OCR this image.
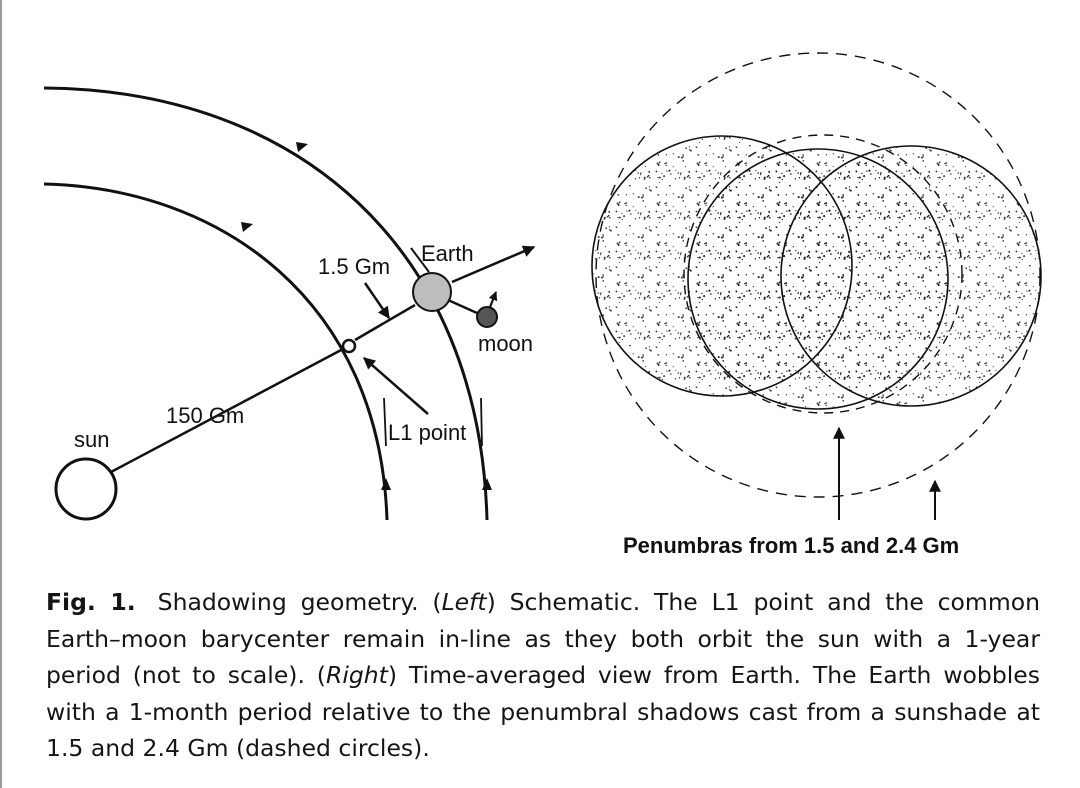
sun
150 Gm
Earth
moon
1.5 Gm
L1 point
Penumbras from 1.5 and 2.4 Gm
Fig. 1. Shadowing geometry. (Left) Schematic. The L1 point and the common Earth–moon barycenter remain in-line as they both orbit the sun with a 1-year period (not to scale). (Right) Time-averaged view from Earth. The Earth wobbles with a 1-month period relative to the penumbral shadows cast from a sunshade at 1.5 and 2.4 Gm (dashed circles).
